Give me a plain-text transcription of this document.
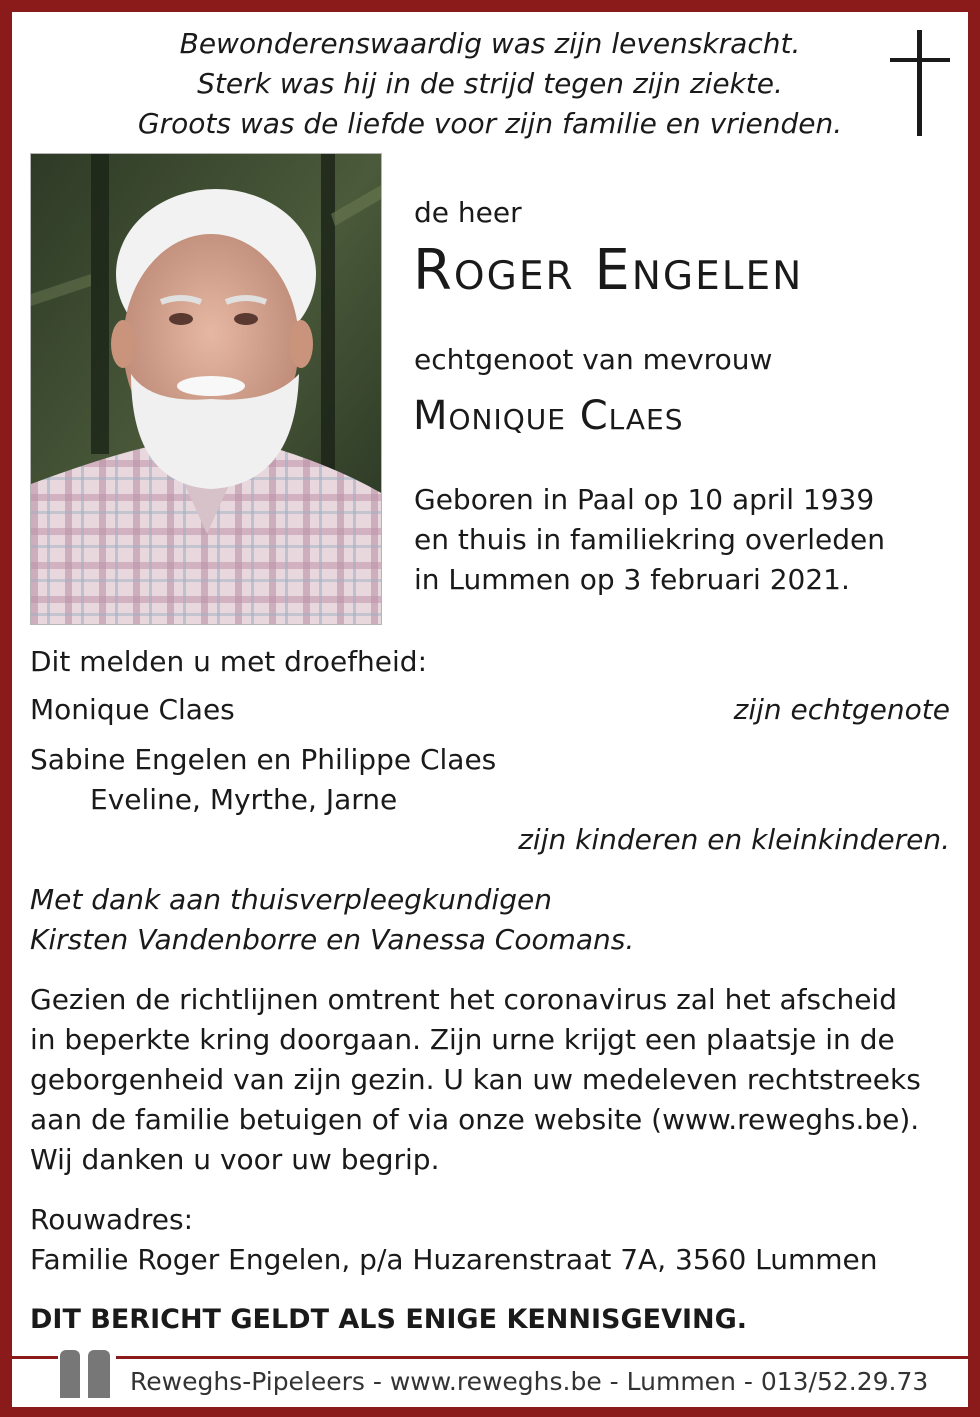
Bewonderenswaardig was zijn levenskracht.
Sterk was hij in de strijd tegen zijn ziekte.
Groots was de liefde voor zijn familie en vrienden.
de heer
Roger Engelen
echtgenoot van mevrouw
Monique Claes
Geboren in Paal op 10 april 1939
en thuis in familiekring overleden
in Lummen op 3 februari 2021.
Dit melden u met droefheid:
Monique Claes	zijn echtgenote
Sabine Engelen en Philippe Claes
Eveline, Myrthe, Jarne
zijn kinderen en kleinkinderen.
Met dank aan thuisverpleegkundigen
Kirsten Vandenborre en Vanessa Coomans.
Gezien de richtlijnen omtrent het coronavirus zal het afscheid
in beperkte kring doorgaan. Zijn urne krijgt een plaatsje in de
geborgenheid van zijn gezin. U kan uw medeleven rechtstreeks
aan de familie betuigen of via onze website (www.reweghs.be).
Wij danken u voor uw begrip.
Rouwadres:
Familie Roger Engelen, p/a Huzarenstraat 7A, 3560 Lummen
DIT BERICHT GELDT ALS ENIGE KENNISGEVING.
Reweghs-Pipeleers - www.reweghs.be - Lummen - 013/52.29.73
